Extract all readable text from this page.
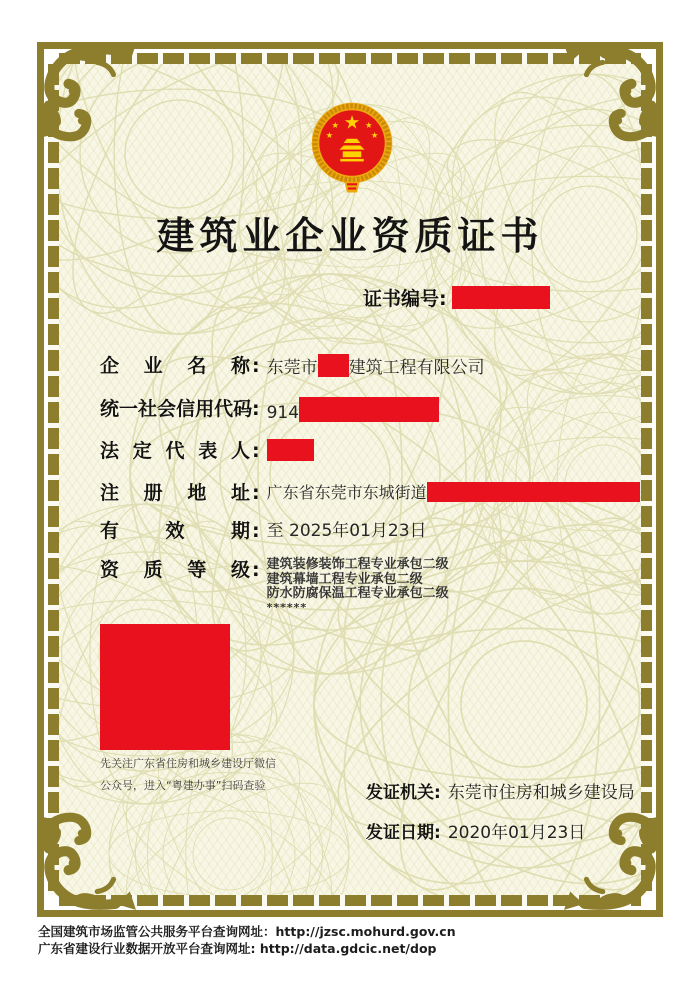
建筑业企业资质证书
证书编号:
企 业 名 称 : 东莞市 建筑工程有限公司
统 一 社 会 信 用 代 码 : 914
法 定 代 表 人 :
注 册 地 址 : 广东省东莞市东城街道
有 效 期 : 至 2025年01月23日
资 质 等 级 : 建筑装修装饰工程专业承包二级
建筑幕墙工程专业承包二级
防水防腐保温工程专业承包二级
******
先关注广东省住房和城乡建设厅微信
公众号，进入“粤建办事”扫码查验	发证机关: 东莞市住房和城乡建设局
发证日期: 2020年01月23日
全国建筑市场监管公共服务平台查询网址：http://jzsc.mohurd.gov.cn
广东省建设行业数据开放平台查询网址: http://data.gdcic.net/dop
